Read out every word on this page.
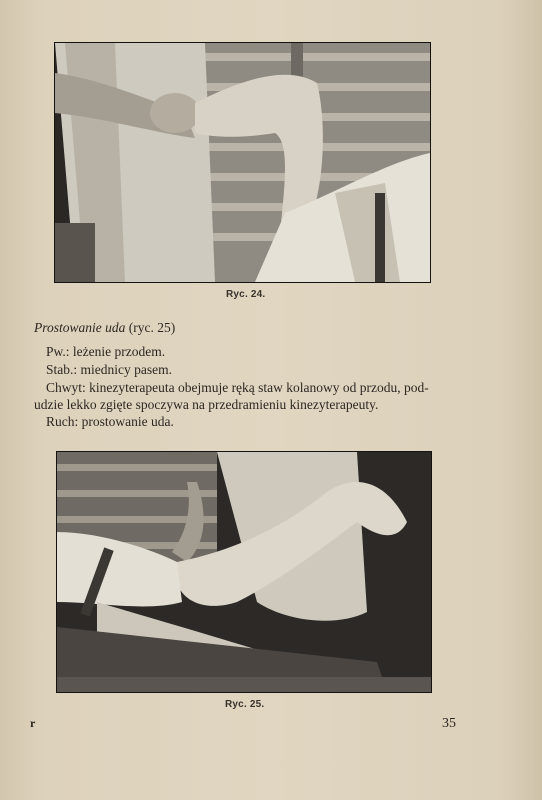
Ryc. 24.
Prostowanie uda (ryc. 25)
Pw.: leżenie przodem.
Stab.: miednicy pasem.
Chwyt: kinezyterapeuta obejmuje ręką staw kolanowy od przodu, pod-
udzie lekko zgięte spoczywa na przedramieniu kinezyterapeuty.
Ruch: prostowanie uda.
Ryc. 25.
r	35
